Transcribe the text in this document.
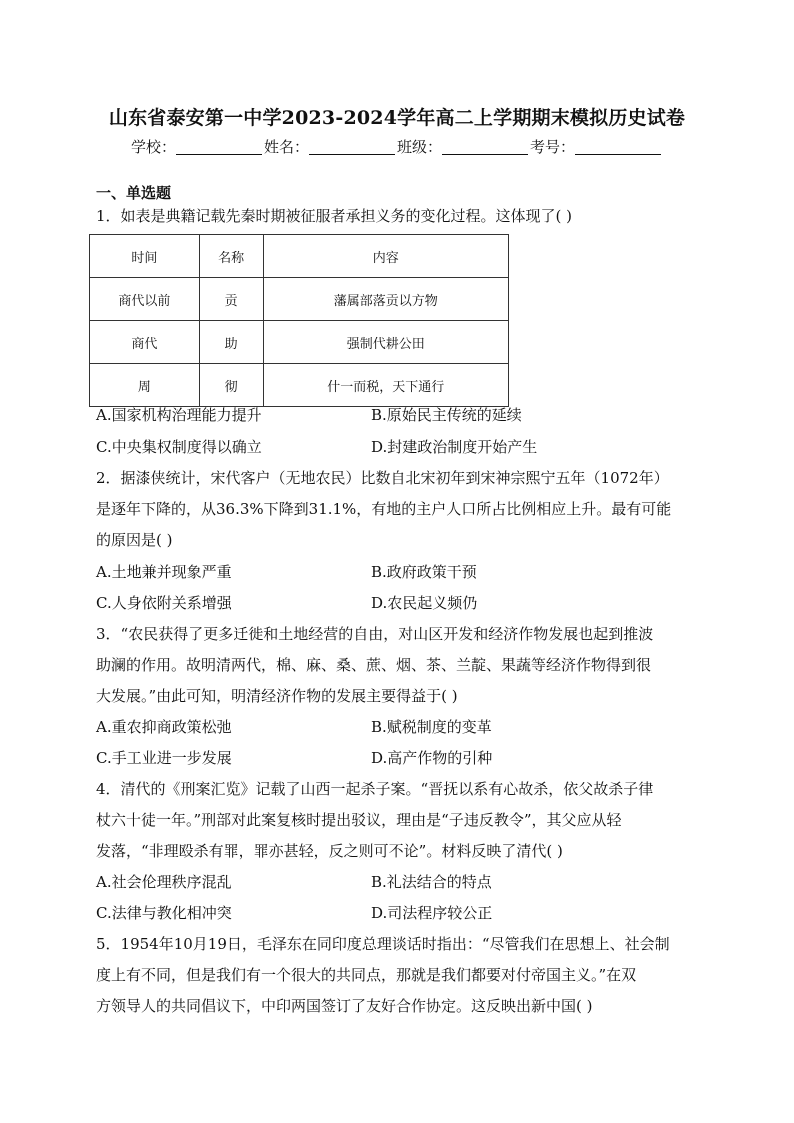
山东省泰安第一中学2023-2024学年高二上学期期末模拟历史试卷
学校：	姓名：	班级：	考号：
一、单选题
1．如表是典籍记载先秦时期被征服者承担义务的变化过程。这体现了( )
时间	名称	内容
商代以前	贡	藩属部落贡以方物
商代	助	强制代耕公田
周	彻	什一而税，天下通行
A.国家机构治理能力提升	B.原始民主传统的延续
C.中央集权制度得以确立	D.封建政治制度开始产生
2．据漆侠统计，宋代客户（无地农民）比数自北宋初年到宋神宗熙宁五年（1072年）
是逐年下降的，从36.3%下降到31.1%，有地的主户人口所占比例相应上升。最有可能
的原因是( )
A.土地兼并现象严重	B.政府政策干预
C.人身依附关系增强	D.农民起义频仍
3．“农民获得了更多迁徙和土地经营的自由，对山区开发和经济作物发展也起到推波
助澜的作用。故明清两代，棉、麻、桑、蔗、烟、茶、兰靛、果蔬等经济作物得到很
大发展。”由此可知，明清经济作物的发展主要得益于( )
A.重农抑商政策松弛	B.赋税制度的变革
C.手工业进一步发展	D.高产作物的引种
4．清代的《刑案汇览》记载了山西一起杀子案。“晋抚以系有心故杀，依父故杀子律
杖六十徒一年。”刑部对此案复核时提出驳议，理由是“子违反教令”，其父应从轻
发落，“非理殴杀有罪，罪亦甚轻，反之则可不论”。材料反映了清代( )
A.社会伦理秩序混乱	B.礼法结合的特点
C.法律与教化相冲突	D.司法程序较公正
5．1954年10月19日，毛泽东在同印度总理谈话时指出：“尽管我们在思想上、社会制
度上有不同，但是我们有一个很大的共同点，那就是我们都要对付帝国主义。”在双
方领导人的共同倡议下，中印两国签订了友好合作协定。这反映出新中国( )
